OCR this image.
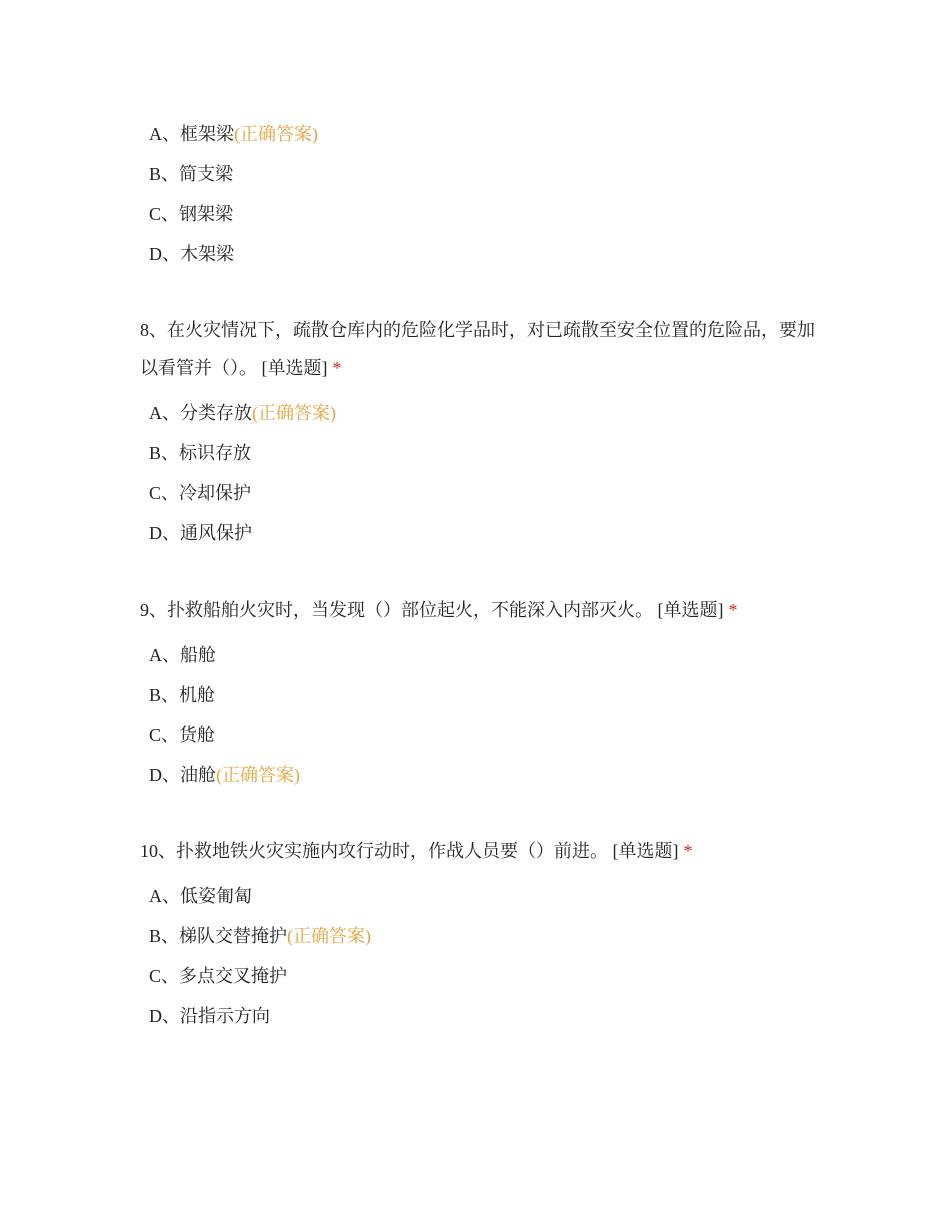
A、框架梁(正确答案)
B、简支梁
C、钢架梁
D、木架梁

8、在火灾情况下，疏散仓库内的危险化学品时，对已疏散至安全位置的危险品，要加以看管并（）。 [单选题] *

A、分类存放(正确答案)
B、标识存放
C、冷却保护
D、通风保护

9、扑救船舶火灾时，当发现（）部位起火，不能深入内部灭火。 [单选题] *

A、船舱
B、机舱
C、货舱
D、油舱(正确答案)

10、扑救地铁火灾实施内攻行动时，作战人员要（）前进。 [单选题] *

A、低姿匍匐
B、梯队交替掩护(正确答案)
C、多点交叉掩护
D、沿指示方向
